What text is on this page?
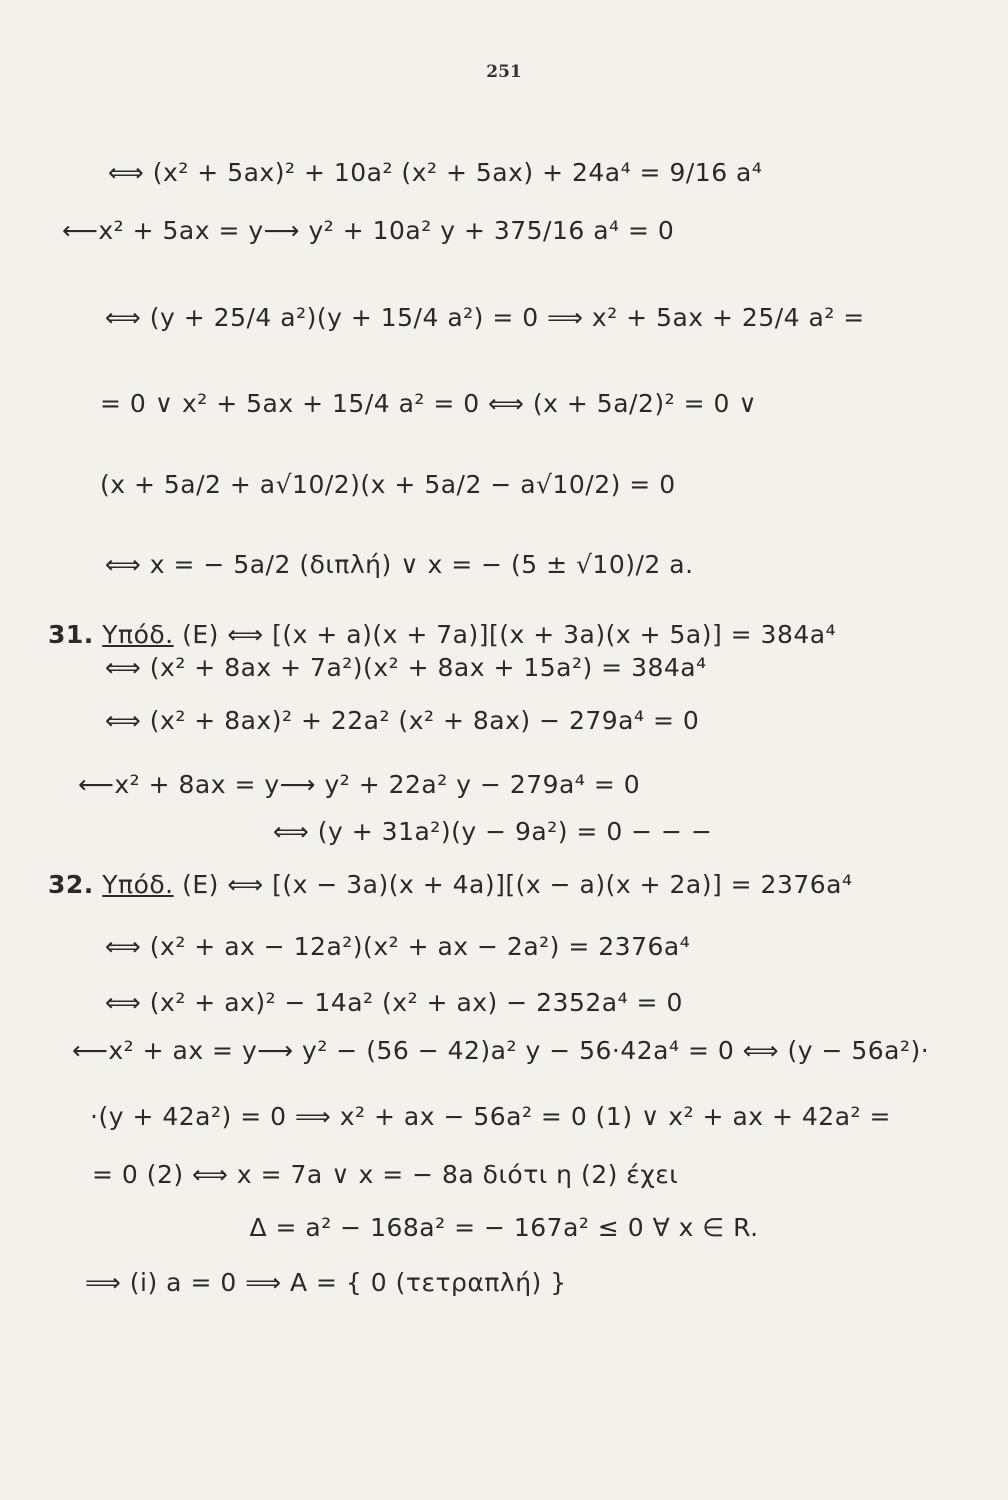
251
⟺ (x² + 5ax)² + 10a² (x² + 5ax) + 24a⁴ = 9/16 a⁴
⟵x² + 5ax = y⟶ y² + 10a² y + 375/16 a⁴ = 0
⟺ (y + 25/4 a²)(y + 15/4 a²) = 0 ⟹ x² + 5ax + 25/4 a² =
= 0 ∨ x² + 5ax + 15/4 a² = 0 ⟺ (x + 5a/2)² = 0 ∨
(x + 5a/2 + a√10/2)(x + 5a/2 − a√10/2) = 0
⟺ x = − 5a/2 (διπλή) ∨ x = − (5 ± √10)/2 a.
31. Υπόδ. (Ε) ⟺ [(x + a)(x + 7a)][(x + 3a)(x + 5a)] = 384a⁴
⟺ (x² + 8ax + 7a²)(x² + 8ax + 15a²) = 384a⁴
⟺ (x² + 8ax)² + 22a² (x² + 8ax) − 279a⁴ = 0
⟵x² + 8ax = y⟶ y² + 22a² y − 279a⁴ = 0
⟺ (y + 31a²)(y − 9a²) = 0 − − −
32. Υπόδ. (Ε) ⟺ [(x − 3a)(x + 4a)][(x − a)(x + 2a)] = 2376a⁴
⟺ (x² + ax − 12a²)(x² + ax − 2a²) = 2376a⁴
⟺ (x² + ax)² − 14a² (x² + ax) − 2352a⁴ = 0
⟵x² + ax = y⟶ y² − (56 − 42)a² y − 56·42a⁴ = 0 ⟺ (y − 56a²)·
·(y + 42a²) = 0 ⟹ x² + ax − 56a² = 0 (1) ∨ x² + ax + 42a² =
= 0 (2) ⟺ x = 7a ∨ x = − 8a διότι η (2) έχει
Δ = a² − 168a² = − 167a² ≤ 0 ∀ x ∈ R.
⟹ (i) a = 0 ⟹ A = { 0 (τετραπλή) }
